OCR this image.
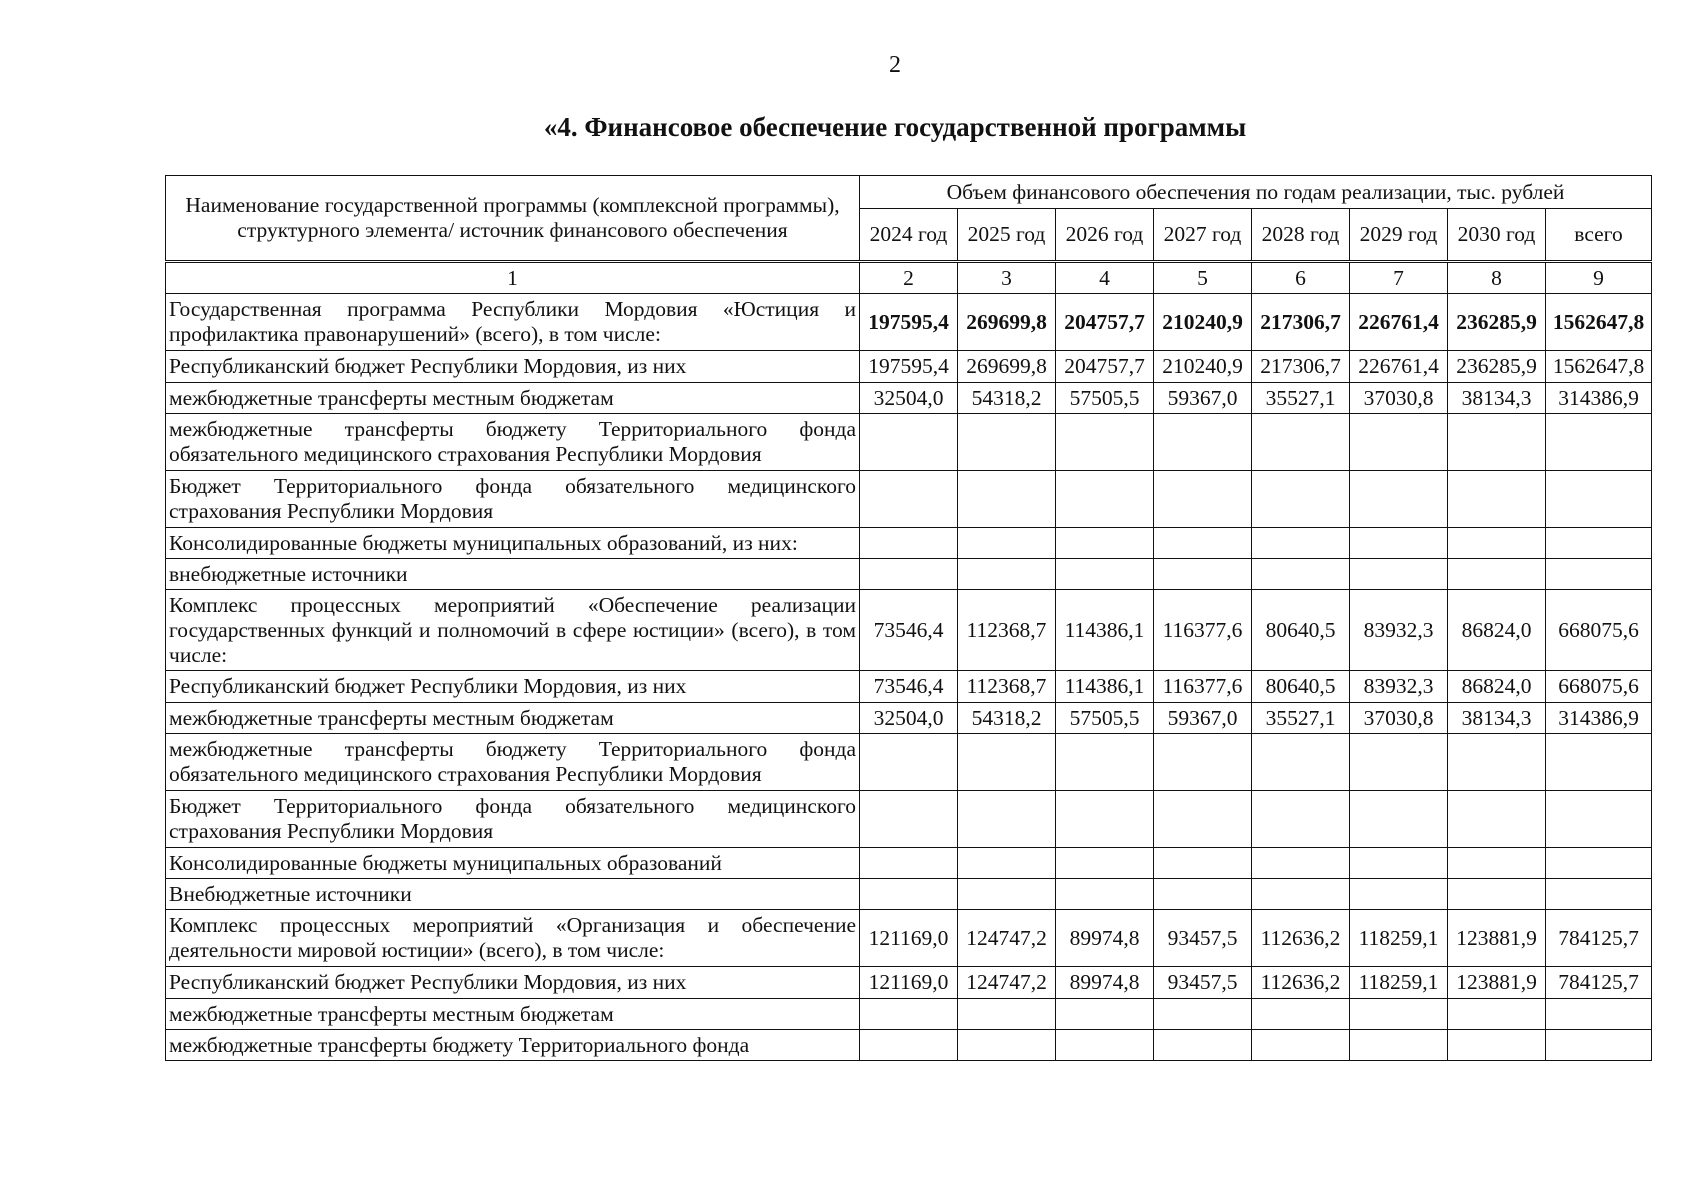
2
«4. Финансовое обеспечение государственной программы
Наименование государственной программы (комплексной программы), структурного элемента/ источник финансового обеспечения	Объем финансового обеспечения по годам реализации, тыс. рублей							
	2024 год	2025 год	2026 год	2027 год	2028 год	2029 год	2030 год	всего
1	2	3	4	5	6	7	8	9
Государственная программа Республики Мордовия «Юстиция и профилактика правонарушений» (всего), в том числе:	197595,4	269699,8	204757,7	210240,9	217306,7	226761,4	236285,9	1562647,8
Республиканский бюджет Республики Мордовия, из них	197595,4	269699,8	204757,7	210240,9	217306,7	226761,4	236285,9	1562647,8
межбюджетные трансферты местным бюджетам	32504,0	54318,2	57505,5	59367,0	35527,1	37030,8	38134,3	314386,9
межбюджетные трансферты бюджету Территориального фонда обязательного медицинского страхования Республики Мордовия								
Бюджет Территориального фонда обязательного медицинского страхования Республики Мордовия								
Консолидированные бюджеты муниципальных образований, из них:								
внебюджетные источники								
Комплекс процессных мероприятий «Обеспечение реализации государственных функций и полномочий в сфере юстиции» (всего), в том числе:	73546,4	112368,7	114386,1	116377,6	80640,5	83932,3	86824,0	668075,6
Республиканский бюджет Республики Мордовия, из них	73546,4	112368,7	114386,1	116377,6	80640,5	83932,3	86824,0	668075,6
межбюджетные трансферты местным бюджетам	32504,0	54318,2	57505,5	59367,0	35527,1	37030,8	38134,3	314386,9
межбюджетные трансферты бюджету Территориального фонда обязательного медицинского страхования Республики Мордовия								
Бюджет Территориального фонда обязательного медицинского страхования Республики Мордовия								
Консолидированные бюджеты муниципальных образований								
Внебюджетные источники								
Комплекс процессных мероприятий «Организация и обеспечение деятельности мировой юстиции» (всего), в том числе:	121169,0	124747,2	89974,8	93457,5	112636,2	118259,1	123881,9	784125,7
Республиканский бюджет Республики Мордовия, из них	121169,0	124747,2	89974,8	93457,5	112636,2	118259,1	123881,9	784125,7
межбюджетные трансферты местным бюджетам								
межбюджетные трансферты бюджету Территориального фонда								
